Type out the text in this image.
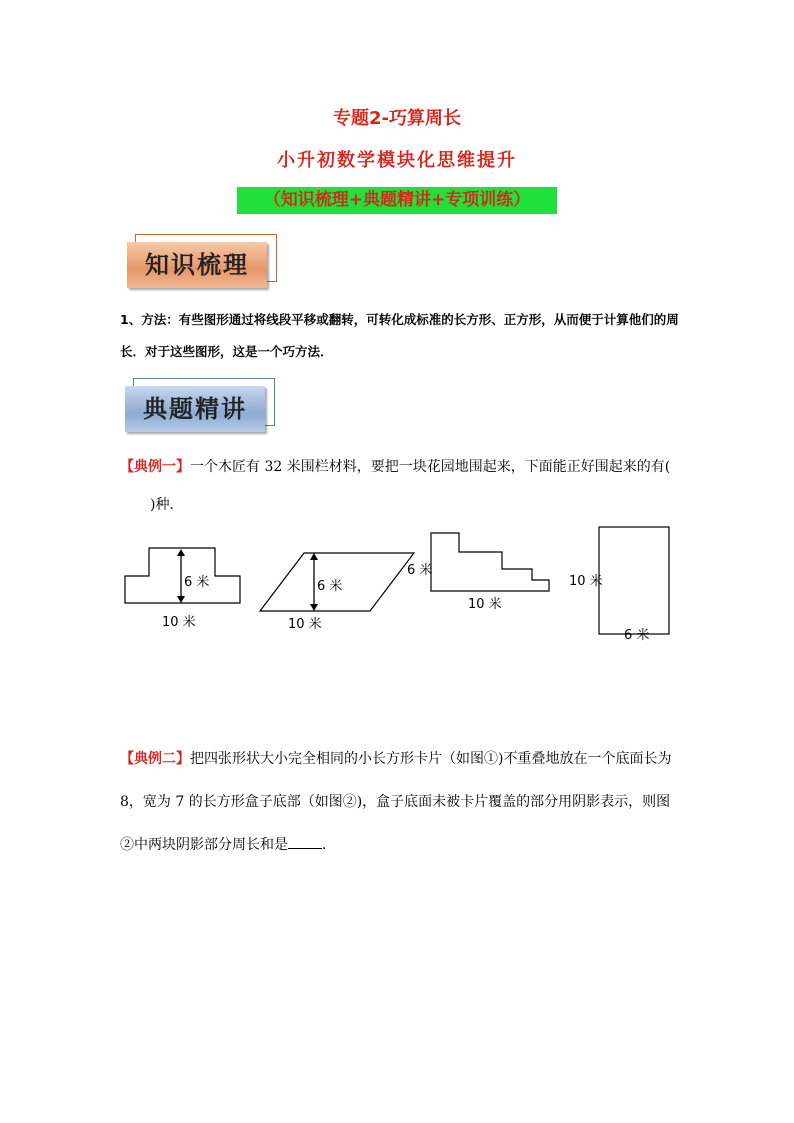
专题2-巧算周长
小升初数学模块化思维提升
（知识梳理+典题精讲+专项训练）
知识梳理
1、方法：有些图形通过将线段平移或翻转，可转化成标准的长方形、正方形，从而便于计算他们的周长．对于这些图形，这是一个巧方法．
典题精讲
【典例一】一个木匠有 32 米围栏材料，要把一块花园地围起来，下面能正好围起来的有()种．
6 米
10 米
6 米
10 米
6 米
10 米
10 米
6 米
【典例二】把四张形状大小完全相同的小长方形卡片（如图①)不重叠地放在一个底面长为 8，宽为 7 的长方形盒子底部（如图②)，盒子底面未被卡片覆盖的部分用阴影表示，则图②中两块阴影部分周长和是 ．
